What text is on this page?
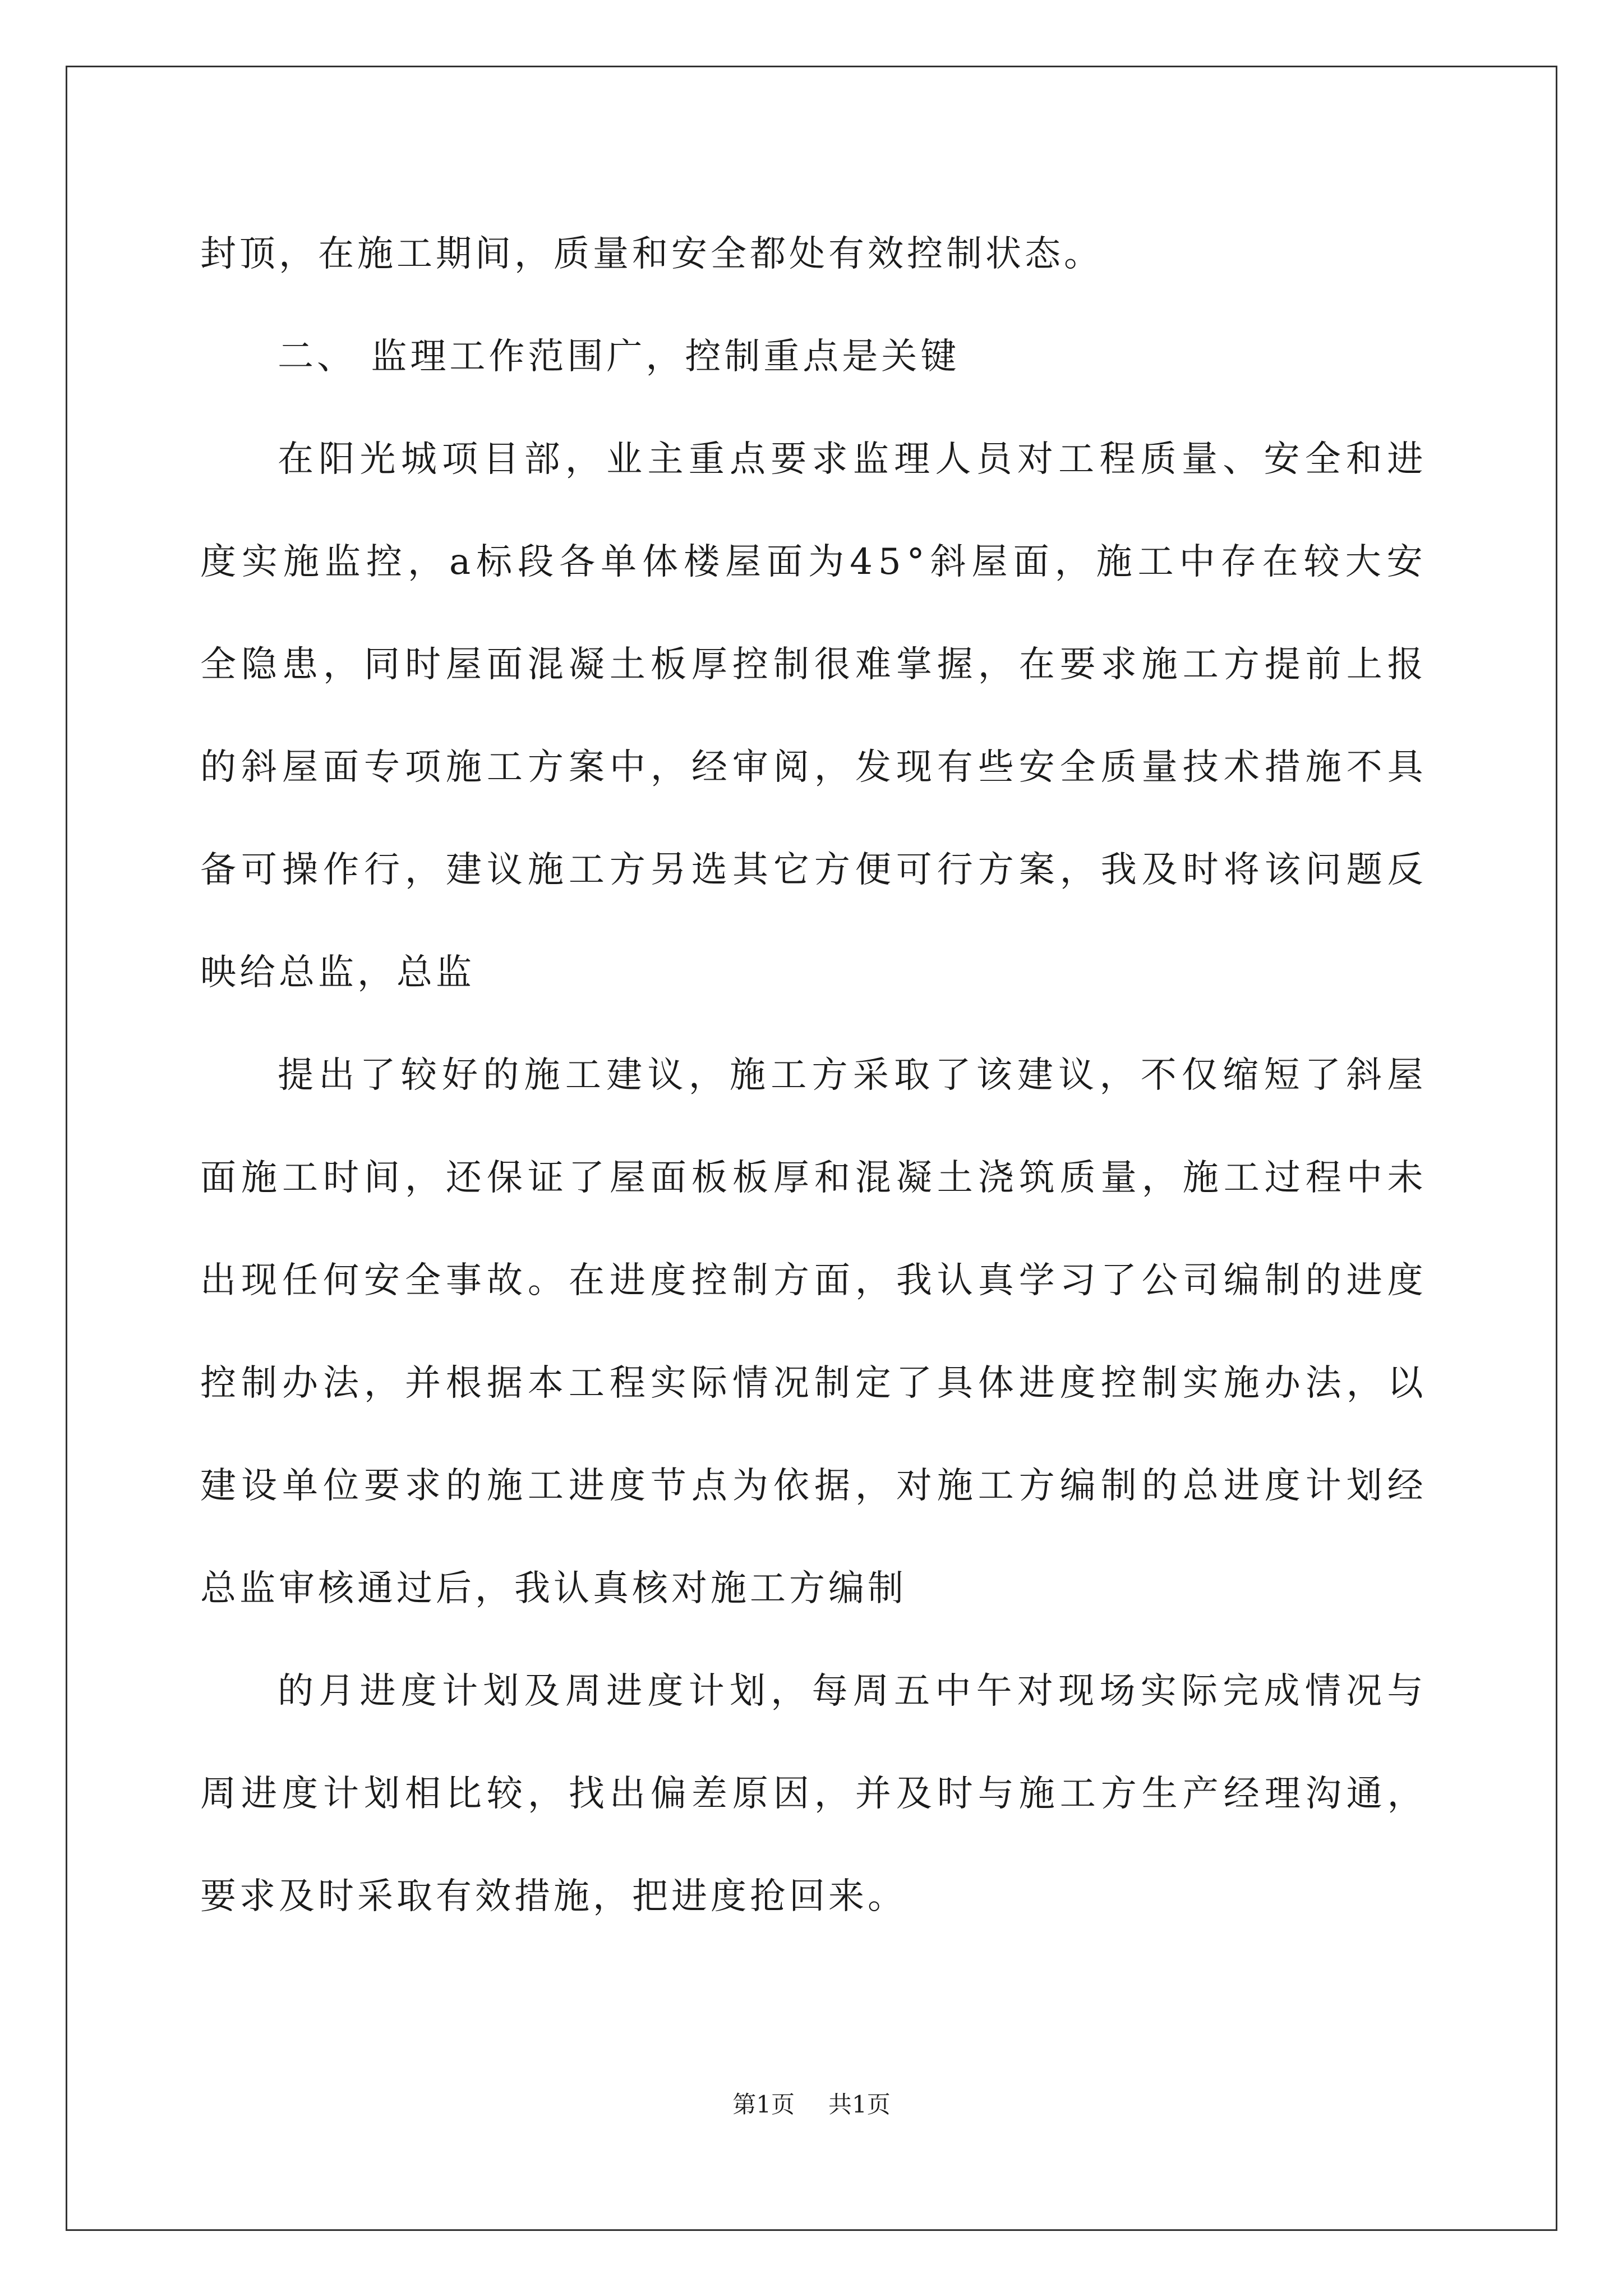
封顶，在施工期间，质量和安全都处有效控制状态。
二、 监理工作范围广，控制重点是关键
在阳光城项目部，业主重点要求监理人员对工程质量、安全和进
度实施监控，a标段各单体楼屋面为45°斜屋面，施工中存在较大安
全隐患，同时屋面混凝土板厚控制很难掌握，在要求施工方提前上报
的斜屋面专项施工方案中，经审阅，发现有些安全质量技术措施不具
备可操作行，建议施工方另选其它方便可行方案，我及时将该问题反
映给总监，总监
提出了较好的施工建议，施工方采取了该建议，不仅缩短了斜屋
面施工时间，还保证了屋面板板厚和混凝土浇筑质量，施工过程中未
出现任何安全事故。在进度控制方面，我认真学习了公司编制的进度
控制办法，并根据本工程实际情况制定了具体进度控制实施办法，以
建设单位要求的施工进度节点为依据，对施工方编制的总进度计划经
总监审核通过后，我认真核对施工方编制
的月进度计划及周进度计划，每周五中午对现场实际完成情况与
周进度计划相比较，找出偏差原因，并及时与施工方生产经理沟通，
要求及时采取有效措施，把进度抢回来。
第1页 共1页
